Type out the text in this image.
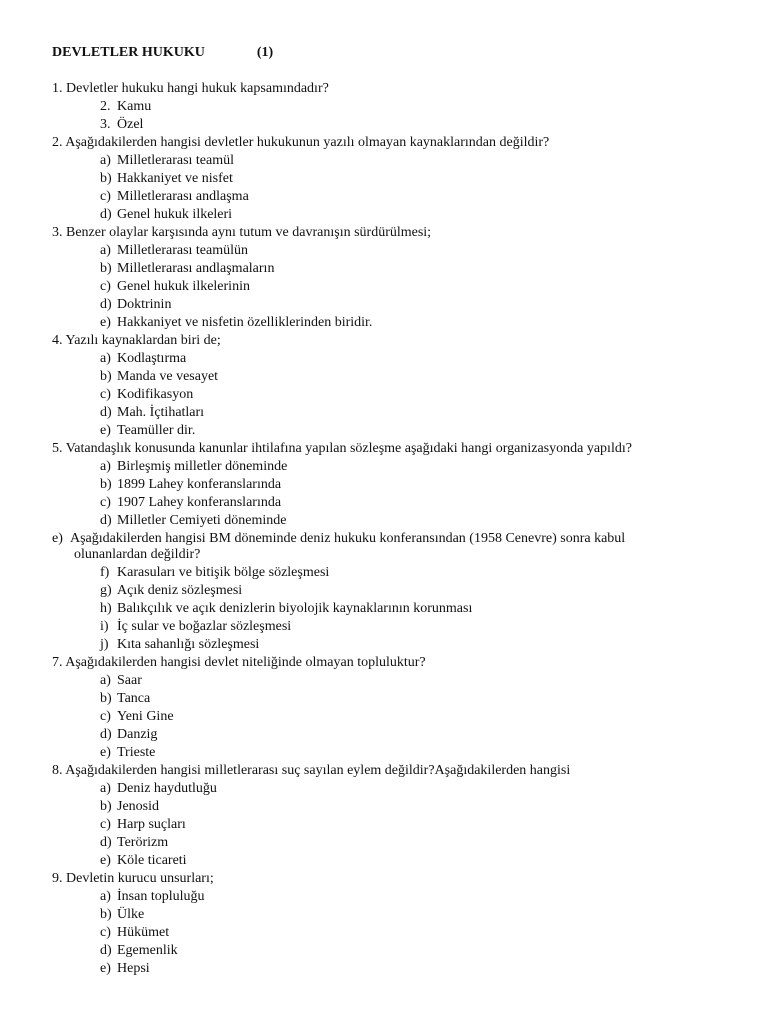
DEVLETLER HUKUKU	(1)
1. Devletler hukuku hangi hukuk kapsamındadır?
2. Kamu
3. Özel
2. Aşağıdakilerden hangisi devletler hukukunun yazılı olmayan kaynaklarından değildir?
a) Milletlerarası teamül
b) Hakkaniyet ve nisfet
c) Milletlerarası andlaşma
d) Genel hukuk ilkeleri
3. Benzer olaylar karşısında aynı tutum ve davranışın sürdürülmesi;
a) Milletlerarası teamülün
b) Milletlerarası andlaşmaların
c) Genel hukuk ilkelerinin
d) Doktrinin
e) Hakkaniyet ve nisfetin özelliklerinden biridir.
4. Yazılı kaynaklardan biri de;
a) Kodlaştırma
b) Manda ve vesayet
c) Kodifikasyon
d) Mah. İçtihatları
e) Teamüller dir.
5. Vatandaşlık konusunda kanunlar ihtilafına yapılan sözleşme aşağıdaki hangi organizasyonda yapıldı?
a) Birleşmiş milletler döneminde
b) 1899 Lahey konferanslarında
c) 1907 Lahey konferanslarında
d) Milletler Cemiyeti döneminde
e) Aşağıdakilerden hangisi BM döneminde deniz hukuku konferansından (1958 Cenevre) sonra kabul
olunanlardan değildir?
f) Karasuları ve bitişik bölge sözleşmesi
g) Açık deniz sözleşmesi
h) Balıkçılık ve açık denizlerin biyolojik kaynaklarının korunması
i) İç sular ve boğazlar sözleşmesi
j) Kıta sahanlığı sözleşmesi
7. Aşağıdakilerden hangisi devlet niteliğinde olmayan topluluktur?
a) Saar
b) Tanca
c) Yeni Gine
d) Danzig
e) Trieste
8. Aşağıdakilerden hangisi milletlerarası suç sayılan eylem değildir?Aşağıdakilerden hangisi
a) Deniz haydutluğu
b) Jenosid
c) Harp suçları
d) Terörizm
e) Köle ticareti
9. Devletin kurucu unsurları;
a) İnsan topluluğu
b) Ülke
c) Hükümet
d) Egemenlik
e) Hepsi
